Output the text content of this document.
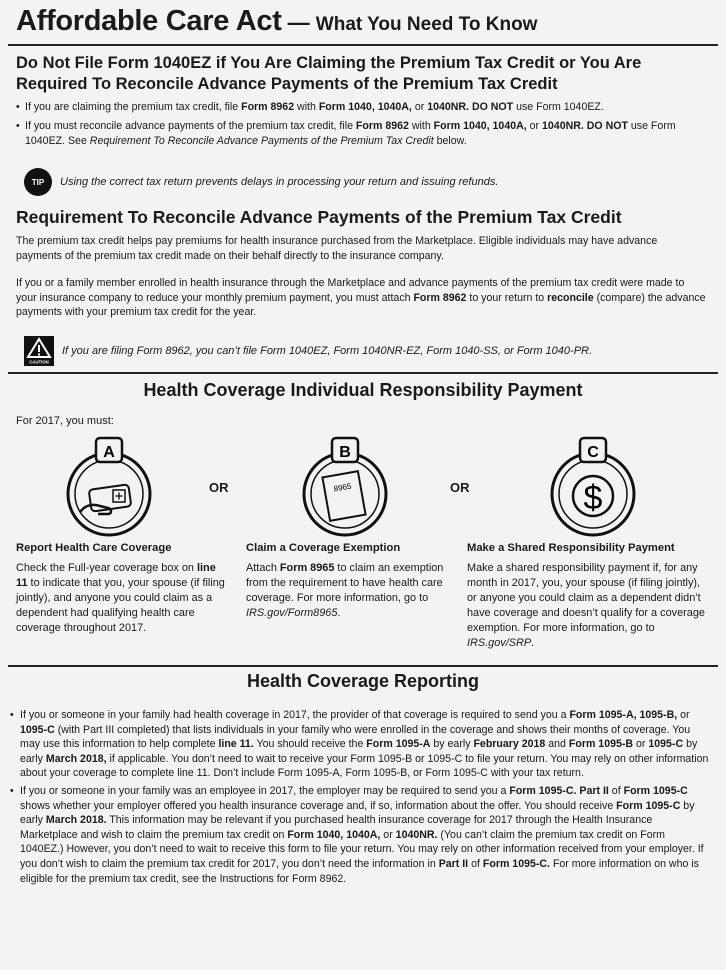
Affordable Care Act — What You Need To Know
Do Not File Form 1040EZ if You Are Claiming the Premium Tax Credit or You Are Required To Reconcile Advance Payments of the Premium Tax Credit
• If you are claiming the premium tax credit, file Form 8962 with Form 1040, 1040A, or 1040NR. DO NOT use Form 1040EZ.
• If you must reconcile advance payments of the premium tax credit, file Form 8962 with Form 1040, 1040A, or 1040NR. DO NOT use Form 1040EZ. See Requirement To Reconcile Advance Payments of the Premium Tax Credit below.
TIP Using the correct tax return prevents delays in processing your return and issuing refunds.
Requirement To Reconcile Advance Payments of the Premium Tax Credit

The premium tax credit helps pay premiums for health insurance purchased from the Marketplace. Eligible individuals may have advance payments of the premium tax credit made on their behalf directly to the insurance company.

If you or a family member enrolled in health insurance through the Marketplace and advance payments of the premium tax credit were made to your insurance company to reduce your monthly premium payment, you must attach Form 8962 to your return to reconcile (compare) the advance payments with your premium tax credit for the year.

CAUTION
If you are filing Form 8962, you can’t file Form 1040EZ, Form 1040NR-EZ, Form 1040-SS, or Form 1040-PR.
Health Coverage Individual Responsibility Payment
For 2017, you must:
A
OR
B
8965	OR
C
$
Report Health Care Coverage	Claim a Coverage Exemption	Make a Shared Responsibility Payment

Check the Full-year coverage box on line 11 to indicate that you, your spouse (if filing jointly), and anyone you could claim as a dependent had qualifying health care coverage throughout 2017.

Attach Form 8965 to claim an exemption from the requirement to have health care coverage. For more information, go to IRS.gov/Form8965.

Make a shared responsibility payment if, for any month in 2017, you, your spouse (if filing jointly), or anyone you could claim as a dependent didn’t have coverage and doesn’t qualify for a coverage exemption. For more information, go to IRS.gov/SRP.

Health Coverage Reporting
• If you or someone in your family had health coverage in 2017, the provider of that coverage is required to send you a Form 1095-A, 1095-B, or 1095-C (with Part III completed) that lists individuals in your family who were enrolled in the coverage and shows their months of coverage. You may use this information to help complete line 11. You should receive the Form 1095-A by early February 2018 and Form 1095-B or 1095-C by early March 2018, if applicable. You don’t need to wait to receive your Form 1095-B or 1095-C to file your return. You may rely on other information about your coverage to complete line 11. Don’t include Form 1095-A, Form 1095-B, or Form 1095-C with your tax return.
• If you or someone in your family was an employee in 2017, the employer may be required to send you a Form 1095-C. Part II of Form 1095-C shows whether your employer offered you health insurance coverage and, if so, information about the offer. You should receive Form 1095-C by early March 2018. This information may be relevant if you purchased health insurance coverage for 2017 through the Health Insurance Marketplace and wish to claim the premium tax credit on Form 1040, 1040A, or 1040NR. (You can’t claim the premium tax credit on Form 1040EZ.) However, you don’t need to wait to receive this form to file your return. You may rely on other information received from your employer. If you don’t wish to claim the premium tax credit for 2017, you don’t need the information in Part II of Form 1095-C. For more information on who is eligible for the premium tax credit, see the Instructions for Form 8962.
